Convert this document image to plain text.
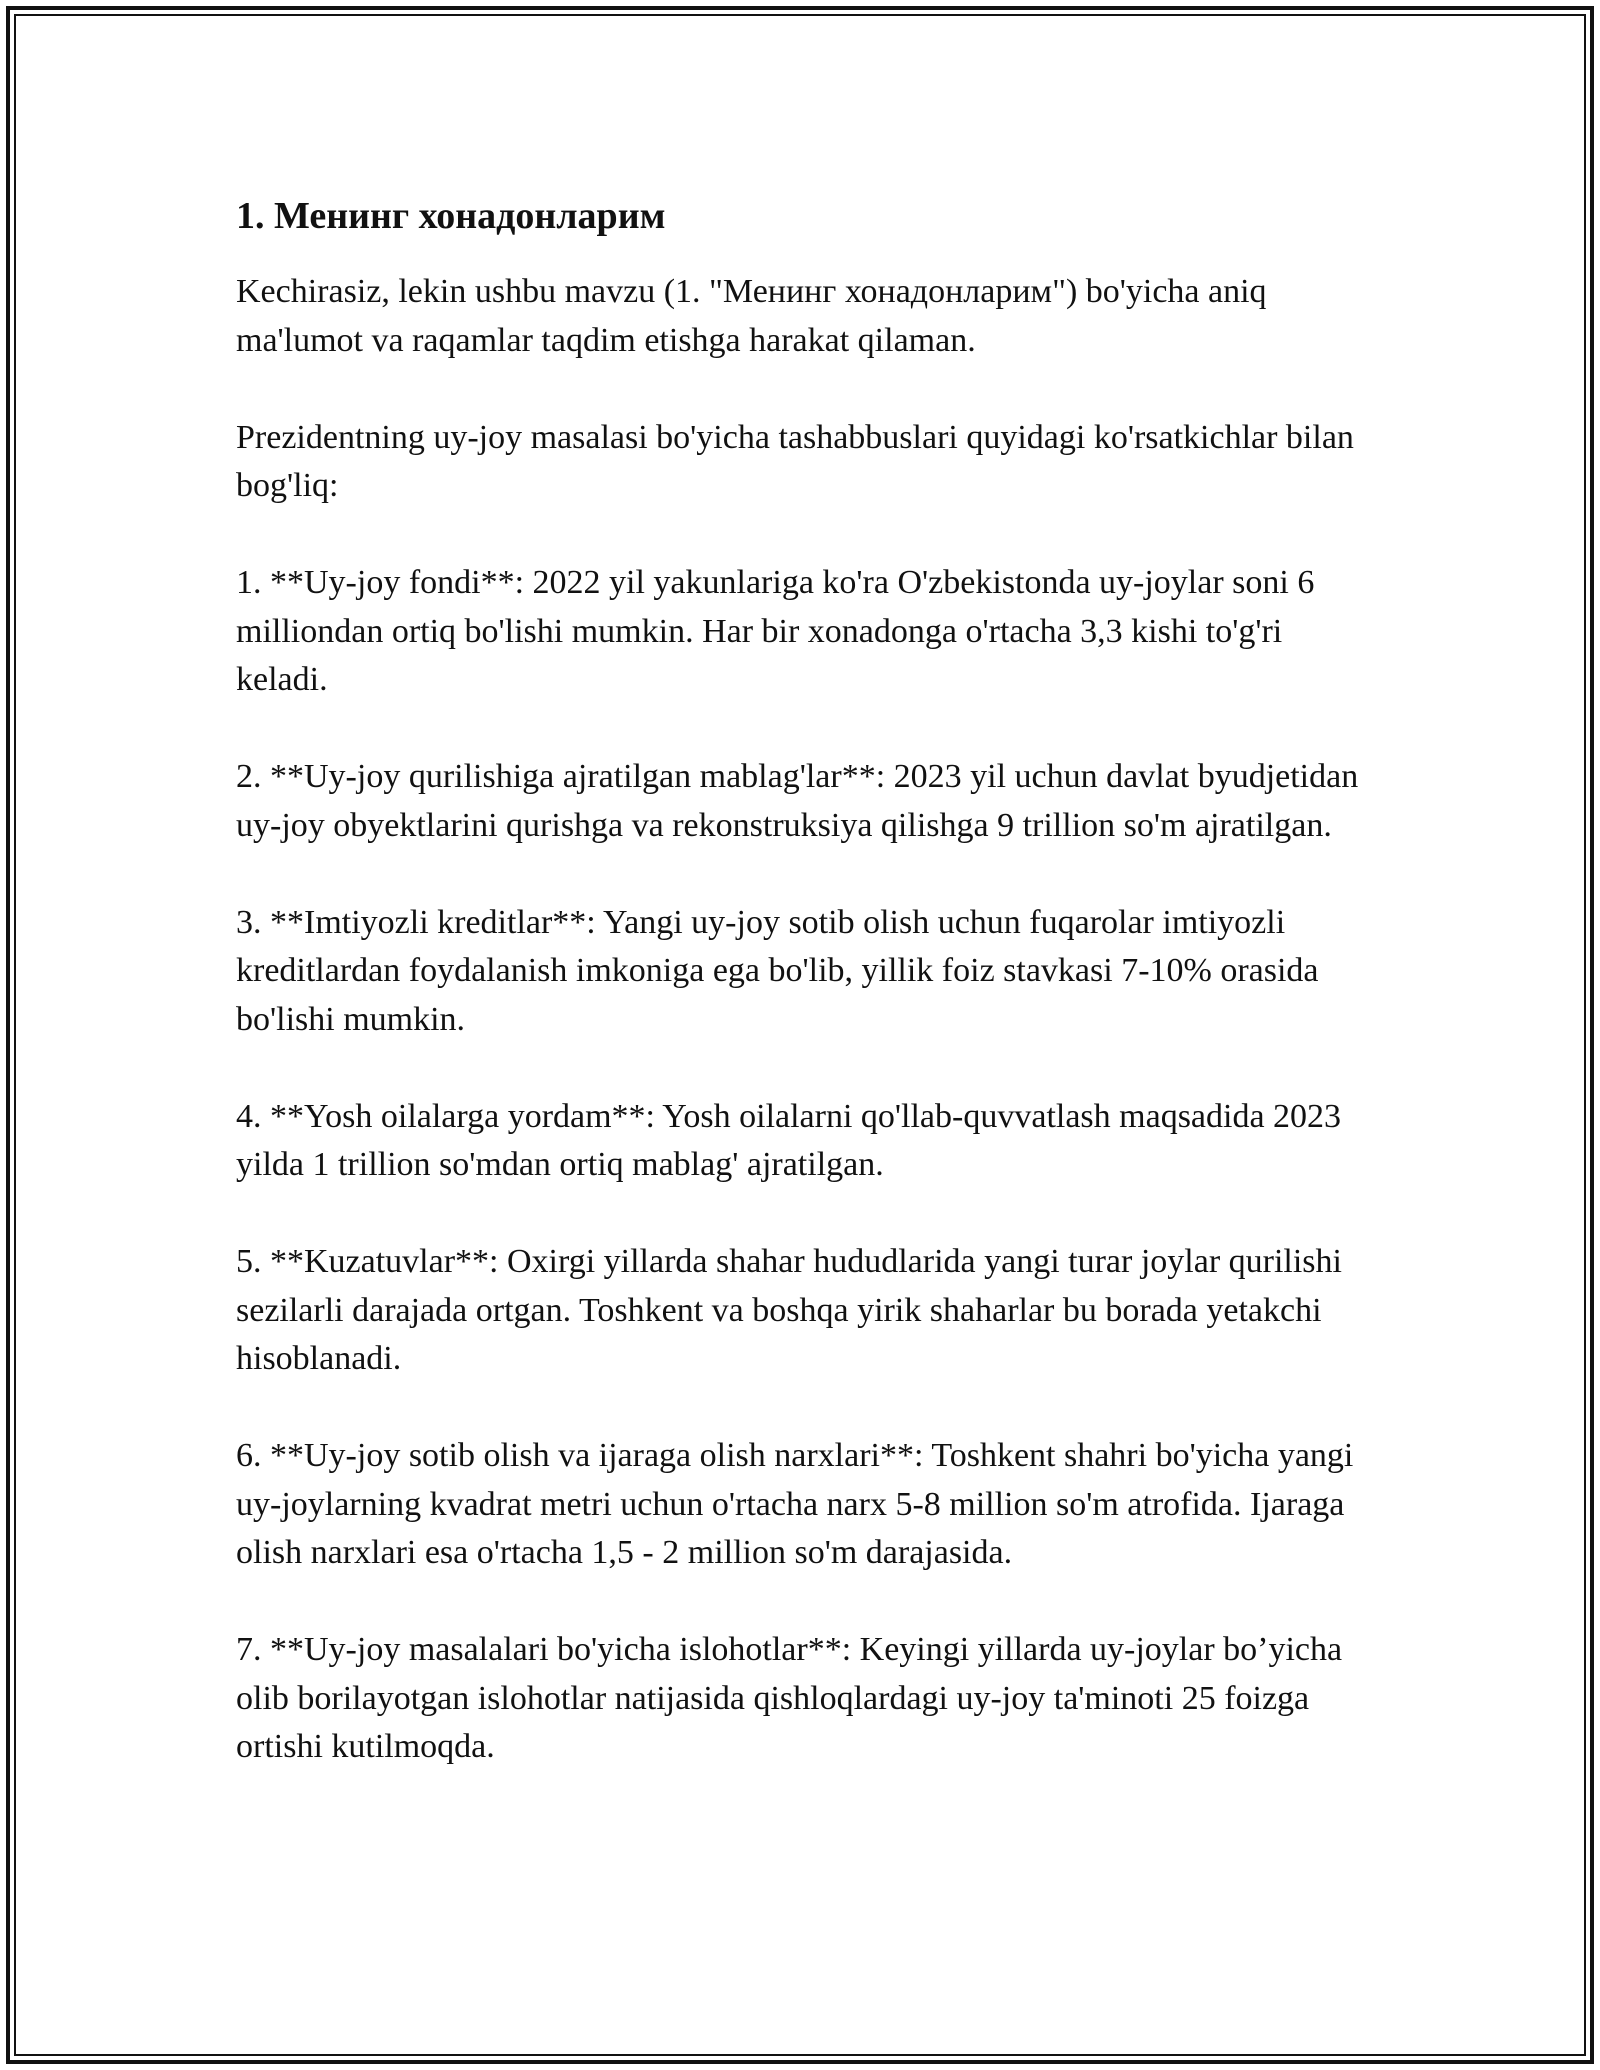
1. Менинг хонадонларим

Kechirasiz, lekin ushbu mavzu (1. "Менинг хонадонларим") bo'yicha aniq ma'lumot va raqamlar taqdim etishga harakat qilaman.

Prezidentning uy-joy masalasi bo'yicha tashabbuslari quyidagi ko'rsatkichlar bilan bog'liq:

1. **Uy-joy fondi**: 2022 yil yakunlariga ko'ra O'zbekistonda uy-joylar soni 6 milliondan ortiq bo'lishi mumkin. Har bir xonadonga o'rtacha 3,3 kishi to'g'ri keladi.

2. **Uy-joy qurilishiga ajratilgan mablag'lar**: 2023 yil uchun davlat byudjetidan uy-joy obyektlarini qurishga va rekonstruksiya qilishga 9 trillion so'm ajratilgan.

3. **Imtiyozli kreditlar**: Yangi uy-joy sotib olish uchun fuqarolar imtiyozli kreditlardan foydalanish imkoniga ega bo'lib, yillik foiz stavkasi 7-10% orasida bo'lishi mumkin.

4. **Yosh oilalarga yordam**: Yosh oilalarni qo'llab-quvvatlash maqsadida 2023 yilda 1 trillion so'mdan ortiq mablag' ajratilgan.

5. **Kuzatuvlar**: Oxirgi yillarda shahar hududlarida yangi turar joylar qurilishi sezilarli darajada ortgan. Toshkent va boshqa yirik shaharlar bu borada yetakchi hisoblanadi.

6. **Uy-joy sotib olish va ijaraga olish narxlari**: Toshkent shahri bo'yicha yangi uy-joylarning kvadrat metri uchun o'rtacha narx 5-8 million so'm atrofida. Ijaraga olish narxlari esa o'rtacha 1,5 - 2 million so'm darajasida.

7. **Uy-joy masalalari bo'yicha islohotlar**: Keyingi yillarda uy-joylar bo’yicha olib borilayotgan islohotlar natijasida qishloqlardagi uy-joy ta'minoti 25 foizga ortishi kutilmoqda.
